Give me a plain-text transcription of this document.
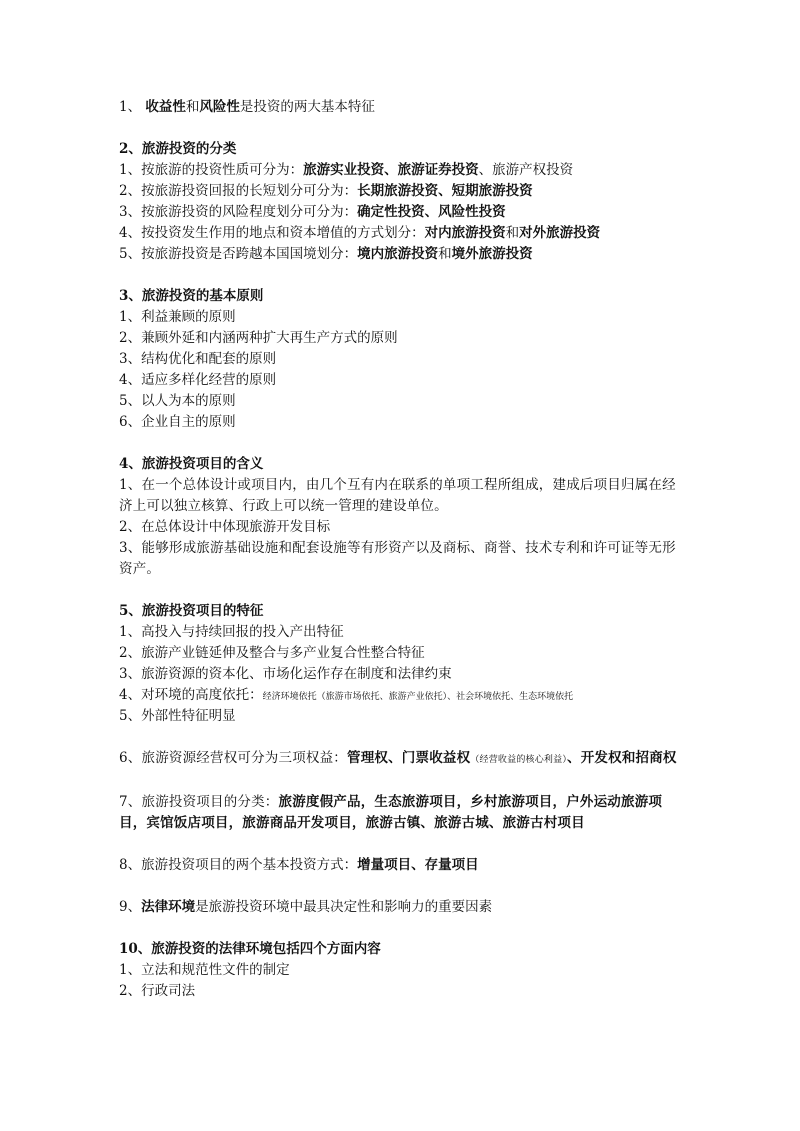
1、 收益性和风险性是投资的两大基本特征
2、旅游投资的分类
1、按旅游的投资性质可分为：旅游实业投资、旅游证券投资、旅游产权投资
2、按旅游投资回报的长短划分可分为：长期旅游投资、短期旅游投资
3、按旅游投资的风险程度划分可分为：确定性投资、风险性投资
4、按投资发生作用的地点和资本增值的方式划分：对内旅游投资和对外旅游投资
5、按旅游投资是否跨越本国国境划分：境内旅游投资和境外旅游投资
3、旅游投资的基本原则
1、利益兼顾的原则
2、兼顾外延和内涵两种扩大再生产方式的原则
3、结构优化和配套的原则
4、适应多样化经营的原则
5、以人为本的原则
6、企业自主的原则
4、旅游投资项目的含义
1、在一个总体设计或项目内，由几个互有内在联系的单项工程所组成，建成后项目归属在经济上可以独立核算、行政上可以统一管理的建设单位。
2、在总体设计中体现旅游开发目标
3、能够形成旅游基础设施和配套设施等有形资产以及商标、商誉、技术专利和许可证等无形资产。
5、旅游投资项目的特征
1、高投入与持续回报的投入产出特征
2、旅游产业链延伸及整合与多产业复合性整合特征
3、旅游资源的资本化、市场化运作存在制度和法律约束
4、对环境的高度依托：经济环境依托（旅游市场依托、旅游产业依托）、社会环境依托、生态环境依托
5、外部性特征明显
6、旅游资源经营权可分为三项权益：管理权、门票收益权（经营收益的核心利益）、开发权和招商权
7、旅游投资项目的分类：旅游度假产品，生态旅游项目，乡村旅游项目，户外运动旅游项目，宾馆饭店项目，旅游商品开发项目，旅游古镇、旅游古城、旅游古村项目
8、旅游投资项目的两个基本投资方式：增量项目、存量项目
9、法律环境是旅游投资环境中最具决定性和影响力的重要因素
10、旅游投资的法律环境包括四个方面内容
1、立法和规范性文件的制定
2、行政司法
